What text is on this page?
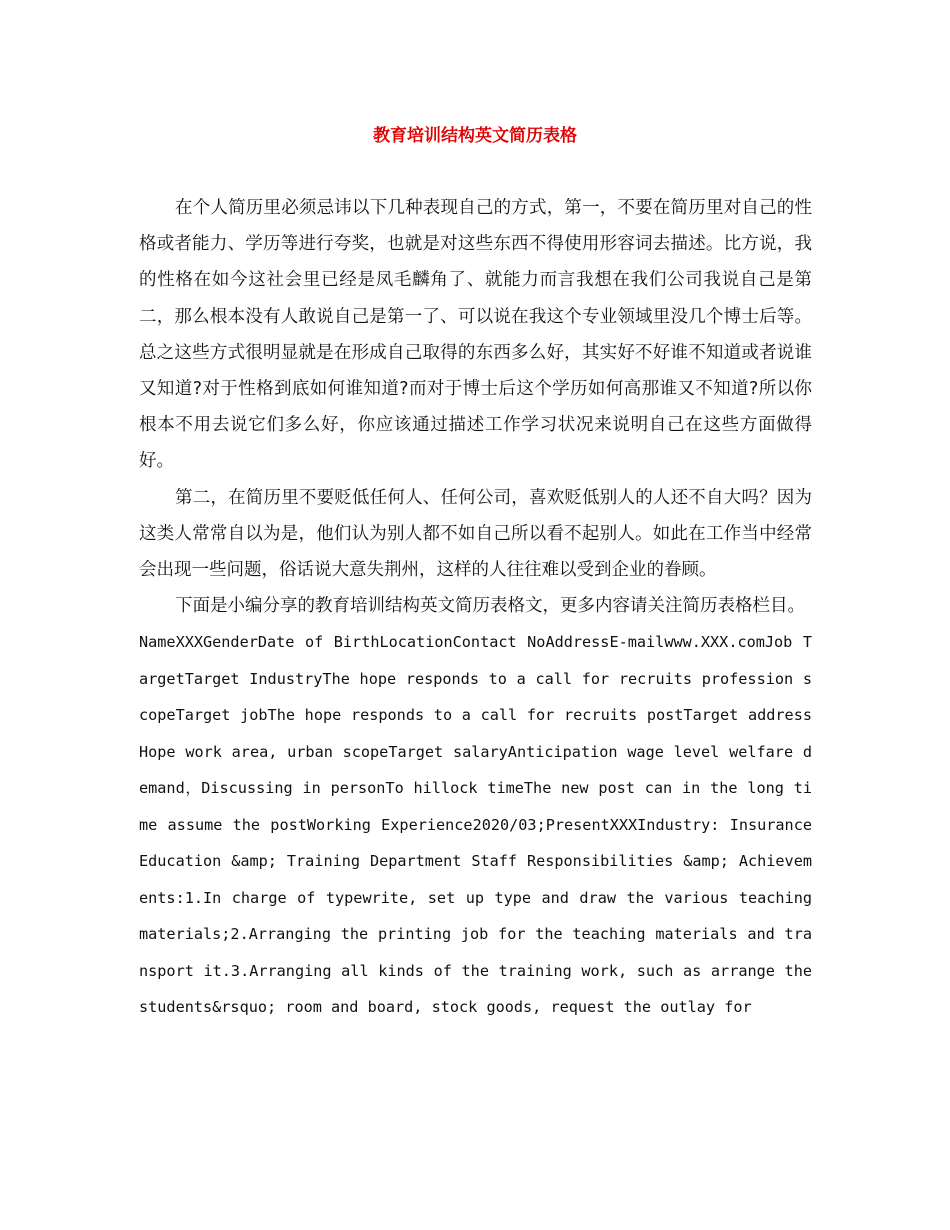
教育培训结构英文简历表格

在个人简历里必须忌讳以下几种表现自己的方式，第一，不要在简历里对自己的性格或者能力、学历等进行夸奖，也就是对这些东西不得使用形容词去描述。比方说，我的性格在如今这社会里已经是凤毛麟角了、就能力而言我想在我们公司我说自己是第二，那么根本没有人敢说自己是第一了、可以说在我这个专业领域里没几个博士后等。总之这些方式很明显就是在形成自己取得的东西多么好，其实好不好谁不知道或者说谁又知道?对于性格到底如何谁知道?而对于博士后这个学历如何高那谁又不知道?所以你根本不用去说它们多么好，你应该通过描述工作学习状况来说明自己在这些方面做得好。

第二，在简历里不要贬低任何人、任何公司，喜欢贬低别人的人还不自大吗？因为这类人常常自以为是，他们认为别人都不如自己所以看不起别人。如此在工作当中经常会出现一些问题，俗话说大意失荆州，这样的人往往难以受到企业的眷顾。

下面是小编分享的教育培训结构英文简历表格文，更多内容请关注简历表格栏目。

NameXXXGenderDate of BirthLocationContact NoAddressE-mailwww.XXX.comJob TargetTarget IndustryThe hope responds to a call for recruits profession scopeTarget jobThe hope responds to a call for recruits postTarget addressHope work area, urban scopeTarget salaryAnticipation wage level welfare demand，Discussing in personTo hillock timeThe new post can in the long time assume the postWorking Experience2020/03;PresentXXXIndustry: Insurance Education &amp; Training Department Staff Responsibilities &amp; Achievements:1.In charge of typewrite, set up type and draw the various teaching materials;2.Arranging the printing job for the teaching materials and transport it.3.Arranging all kinds of the training work, such as arrange the students&rsquo; room and board, stock goods, request the outlay for
